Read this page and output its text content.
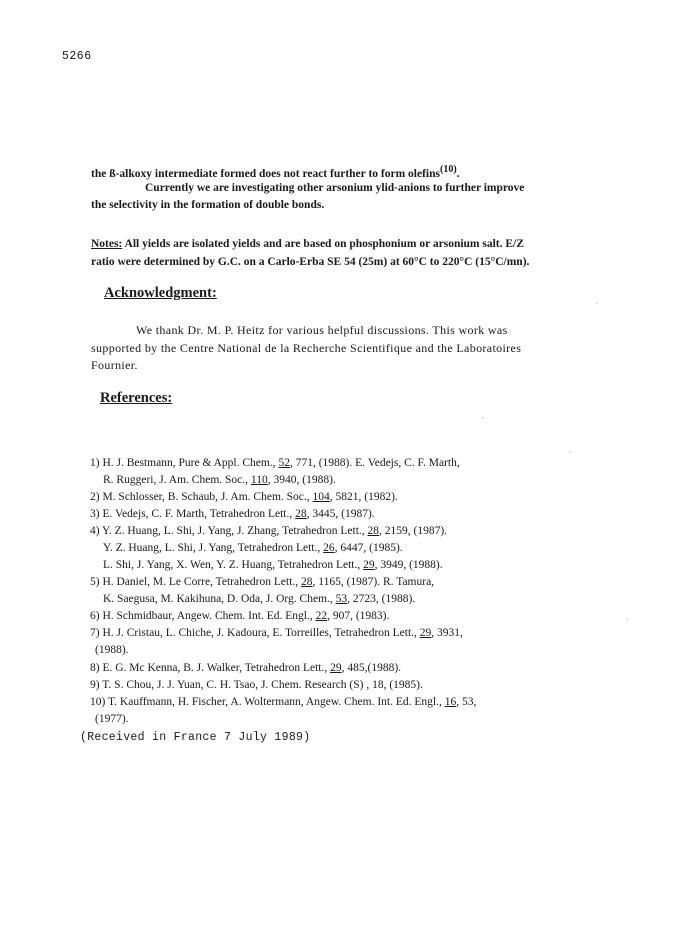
5266
the ß-alkoxy intermediate formed does not react further to form olefins$^{(10)}$.
Currently we are investigating other arsonium ylid-anions to further improve
the selectivity in the formation of double bonds.
Notes: All yields are isolated yields and are based on phosphonium or arsonium salt. E/Z
ratio were determined by G.C. on a Carlo-Erba SE 54 (25m) at 60°C to 220°C (15°C/mn).
Acknowledgment:
We thank Dr. M. P. Heitz for various helpful discussions. This work was
supported by the Centre National de la Recherche Scientifique and the Laboratoires
Fournier.
References:
1) H. J. Bestmann, Pure & Appl. Chem., 52, 771, (1988). E. Vedejs, C. F. Marth,
R. Ruggeri, J. Am. Chem. Soc., 110, 3940, (1988).
2) M. Schlosser, B. Schaub, J. Am. Chem. Soc., 104, 5821, (1982).
3) E. Vedejs, C. F. Marth, Tetrahedron Lett., 28, 3445, (1987).
4) Y. Z. Huang, L. Shi, J. Yang, J. Zhang, Tetrahedron Lett., 28, 2159, (1987).
Y. Z. Huang, L. Shi, J. Yang, Tetrahedron Lett., 26, 6447, (1985).
L. Shi, J. Yang, X. Wen, Y. Z. Huang, Tetrahedron Lett., 29, 3949, (1988).
5) H. Daniel, M. Le Corre, Tetrahedron Lett., 28, 1165, (1987). R. Tamura,
K. Saegusa, M. Kakihuna, D. Oda, J. Org. Chem., 53, 2723, (1988).
6) H. Schmidbaur, Angew. Chem. Int. Ed. Engl., 22, 907, (1983).
7) H. J. Cristau, L. Chiche, J. Kadoura, E. Torreilles, Tetrahedron Lett., 29, 3931,
(1988).
8) E. G. Mc Kenna, B. J. Walker, Tetrahedron Lett., 29, 485,(1988).
9) T. S. Chou, J. J. Yuan, C. H. Tsao, J. Chem. Research (S) , 18, (1985).
10) T. Kauffmann, H. Fischer, A. Woltermann, Angew. Chem. Int. Ed. Engl., 16, 53,
(1977).
(Received in France 7 July 1989)
